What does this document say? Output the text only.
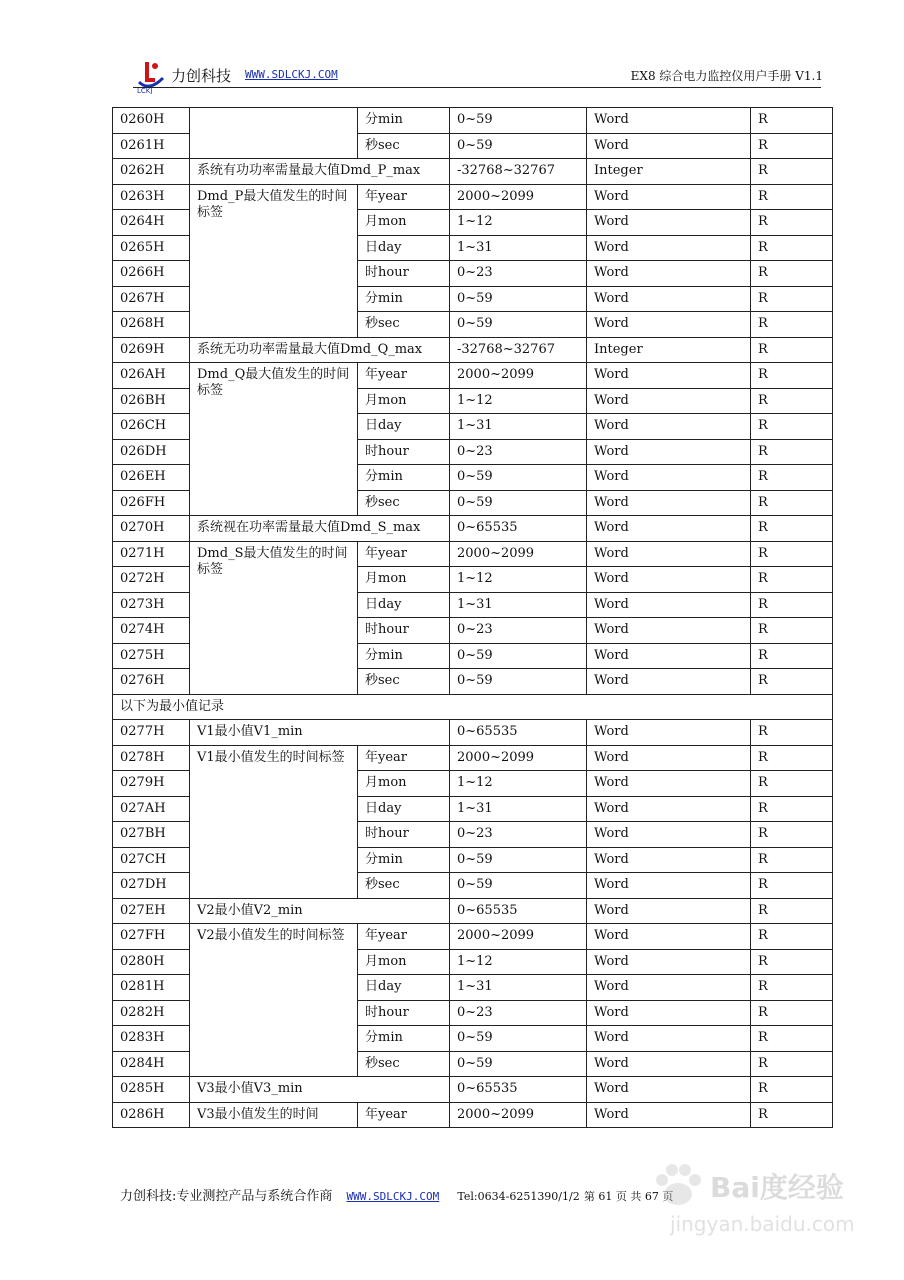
LCKJ
力创科技 WWW.SDLCKJ.COM	EX8 综合电力监控仪用户手册 V1.1
0260H		分min	0~59	Word	R
0261H		秒sec	0~59	Word	R
0262H	系统有功功率需量最大值Dmd_P_max		-32768~32767	Integer	R
0263H	Dmd_P最大值发生的时间标签	年year	2000~2099	Word	R
0264H		月mon	1~12	Word	R
0265H		日day	1~31	Word	R
0266H		时hour	0~23	Word	R
0267H		分min	0~59	Word	R
0268H		秒sec	0~59	Word	R
0269H	系统无功功率需量最大值Dmd_Q_max		-32768~32767	Integer	R
026AH	Dmd_Q最大值发生的时间标签	年year	2000~2099	Word	R
026BH		月mon	1~12	Word	R
026CH		日day	1~31	Word	R
026DH		时hour	0~23	Word	R
026EH		分min	0~59	Word	R
026FH		秒sec	0~59	Word	R
0270H	系统视在功率需量最大值Dmd_S_max		0~65535	Word	R
0271H	Dmd_S最大值发生的时间标签	年year	2000~2099	Word	R
0272H		月mon	1~12	Word	R
0273H		日day	1~31	Word	R
0274H		时hour	0~23	Word	R
0275H		分min	0~59	Word	R
0276H		秒sec	0~59	Word	R
以下为最小值记录					
0277H	V1最小值V1_min		0~65535	Word	R
0278H	V1最小值发生的时间标签	年year	2000~2099	Word	R
0279H		月mon	1~12	Word	R
027AH		日day	1~31	Word	R
027BH		时hour	0~23	Word	R
027CH		分min	0~59	Word	R
027DH		秒sec	0~59	Word	R
027EH	V2最小值V2_min		0~65535	Word	R
027FH	V2最小值发生的时间标签	年year	2000~2099	Word	R
0280H		月mon	1~12	Word	R
0281H		日day	1~31	Word	R
0282H		时hour	0~23	Word	R
0283H		分min	0~59	Word	R
0284H		秒sec	0~59	Word	R
0285H	V3最小值V3_min		0~65535	Word	R
0286H	V3最小值发生的时间	年year	2000~2099	Word	R
力创科技:专业测控产品与系统合作商 WWW.SDLCKJ.COM Tel:0634-6251390/1/2 第 61 页 共 67 页	Bai度经验
jingyan.baidu.com
